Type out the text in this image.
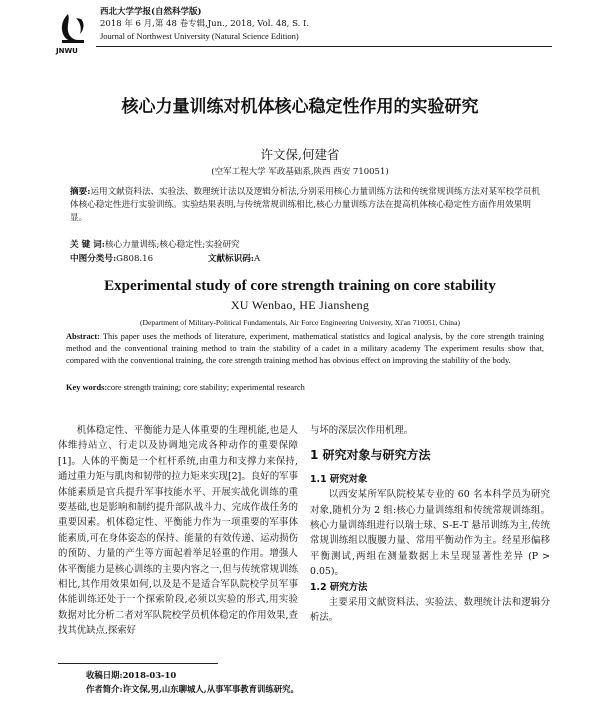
JNWU
西北大学学报(自然科学版)
2018 年 6 月,第 48 卷专辑,Jun., 2018, Vol. 48, S. I.
Journal of Northwest University (Natural Science Edition)
核心力量训练对机体核心稳定性作用的实验研究
许文保,何建省
(空军工程大学 军政基础系,陕西 西安 710051)
摘要:运用文献资料法、实验法、数理统计法以及逻辑分析法,分别采用核心力量训练方法和传统常规训练方法对某军校学员机体核心稳定性进行实验训练。实验结果表明,与传统常规训练相比,核心力量训练方法在提高机体核心稳定性方面作用效果明显。
关 键 词:核心力量训练;核心稳定性;实验研究
中图分类号:G808.16	文献标识码:A
Experimental study of core strength training on core stability
XU Wenbao, HE Jiansheng
(Department of Military-Political Fundamentals, Air Force Engineering University, Xi'an 710051, China)
Abstract: This paper uses the methods of literature, experiment, mathematical statistics and logical analysis, by the core strength training method and the conventional training method to train the stability of a cadet in a military academy The experiment results show that, compared with the conventional training, the core strength training method has obvious effect on improving the stability of the body.
Key words:core strength training; core stability; experimental research

机体稳定性、平衡能力是人体重要的生理机能,也是人体维持站立、行走以及协调地完成各种动作的重要保障[1]。人体的平衡是一个杠杆系统,由重力和支撑力来保持,通过重力矩与肌肉和韧带的拉力矩来实现[2]。良好的军事体能素质是官兵提升军事技能水平、开展实战化训练的重要基础,也是影响和制约提升部队战斗力、完成作战任务的重要因素。机体稳定性、平衡能力作为一项重要的军事体能素质,可在身体姿态的保持、能量的有效传递、运动损伤的预防、力量的产生等方面起着举足轻重的作用。增强人体平衡能力是核心训练的主要内容之一,但与传统常规训练相比,其作用效果如何,以及是不是适合军队院校学员军事体能训练还处于一个探索阶段,必须以实验的形式,用实验数据对比分析二者对军队院校学员机体稳定的作用效果,查找其优缺点,探索好

与坏的深层次作用机理。

1 研究对象与研究方法
1.1 研究对象

以西安某所军队院校某专业的 60 名本科学员为研究对象,随机分为 2 组:核心力量训练组和传统常规训练组。核心力量训练组进行以瑞士球、S-E-T 悬吊训练为主,传统常规训练组以腹腰力量、常用平衡动作为主。经星形偏移平衡测试,两组在测量数据上未呈现显著性差异 (P > 0.05)。

1.2 研究方法

主要采用文献资料法、实验法、数理统计法和逻辑分析法。

收稿日期:2018-03-10
作者简介:许文保,男,山东聊城人,从事军事教育训练研究。
